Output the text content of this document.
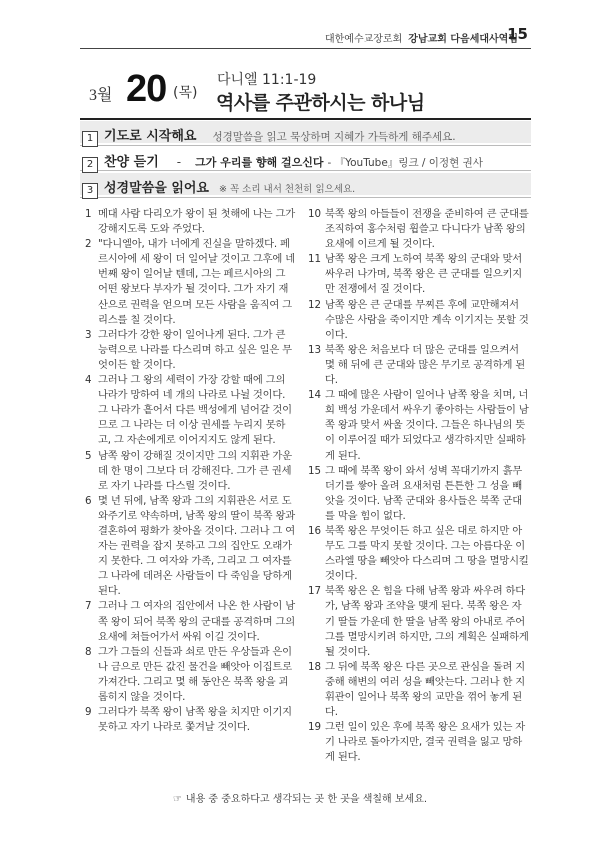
대한예수교장로회 강남교회 다음세대사역팀
15
3월 20 (목)
다니엘 11:1-19
역사를 주관하시는 하나님
1 기도로 시작해요 성경말씀을 읽고 묵상하며 지혜가 가득하게 해주세요.
2 찬양 듣기 - 그가 우리를 향해 걸으신다 - 『YouTube』링크 / 이정현 권사
3 성경말씀을 읽어요 ※ 꼭 소리 내서 천천히 읽으세요.
1 메대 사람 다리오가 왕이 된 첫해에 나는 그가 강해지도록 도와 주었다.
2 "다니엘아, 내가 너에게 진실을 말하겠다. 페르시아에 세 왕이 더 일어날 것이고 그후에 네 번째 왕이 일어날 텐데, 그는 페르시아의 그 어떤 왕보다 부자가 될 것이다. 그가 자기 재산으로 권력을 얻으며 모든 사람을 움직여 그리스를 칠 것이다.
3 그러다가 강한 왕이 일어나게 된다. 그가 큰 능력으로 나라를 다스리며 하고 싶은 일은 무엇이든 할 것이다.
4 그러나 그 왕의 세력이 가장 강할 때에 그의 나라가 망하여 네 개의 나라로 나뉠 것이다. 그 나라가 흩어서 다른 백성에게 넘어갈 것이므로 그 나라는 더 이상 권세를 누리지 못하고, 그 자손에게로 이어지지도 않게 된다.
5 남쪽 왕이 강해질 것이지만 그의 지휘관 가운데 한 명이 그보다 더 강해진다. 그가 큰 권세로 자기 나라를 다스릴 것이다.
6 몇 년 뒤에, 남쪽 왕과 그의 지휘관은 서로 도와주기로 약속하며, 남쪽 왕의 딸이 북쪽 왕과 결혼하여 평화가 찾아올 것이다. 그러나 그 여자는 권력을 잡지 못하고 그의 집안도 오래가지 못한다. 그 여자와 가족, 그리고 그 여자를 그 나라에 데려온 사람들이 다 죽임을 당하게 된다.
7 그러나 그 여자의 집안에서 나온 한 사람이 남쪽 왕이 되어 북쪽 왕의 군대를 공격하며 그의 요새에 쳐들어가서 싸워 이길 것이다.
8 그가 그들의 신들과 쇠로 만든 우상들과 은이나 금으로 만든 값진 물건을 빼앗아 이집트로 가져간다. 그리고 몇 해 동안은 북쪽 왕을 괴롭히지 않을 것이다.
9 그러다가 북쪽 왕이 남쪽 왕을 치지만 이기지 못하고 자기 나라로 쫓겨날 것이다.
10 북쪽 왕의 아들들이 전쟁을 준비하여 큰 군대를 조직하여 홍수처럼 휩쓸고 다니다가 남쪽 왕의 요새에 이르게 될 것이다.
11 남쪽 왕은 크게 노하여 북쪽 왕의 군대와 맞서 싸우러 나가며, 북쪽 왕은 큰 군대를 일으키지만 전쟁에서 질 것이다.
12 남쪽 왕은 큰 군대를 무찌른 후에 교만해져서 수많은 사람을 죽이지만 계속 이기지는 못할 것이다.
13 북쪽 왕은 처음보다 더 많은 군대를 일으켜서 몇 해 뒤에 큰 군대와 많은 무기로 공격하게 된다.
14 그 때에 많은 사람이 일어나 남쪽 왕을 치며, 너희 백성 가운데서 싸우기 좋아하는 사람들이 남쪽 왕과 맞서 싸울 것이다. 그들은 하나님의 뜻이 이루어질 때가 되었다고 생각하지만 실패하게 된다.
15 그 때에 북쪽 왕이 와서 성벽 꼭대기까지 흙무더기를 쌓아 올려 요새처럼 튼튼한 그 성을 빼앗을 것이다. 남쪽 군대와 용사들은 북쪽 군대를 막을 힘이 없다.
16 북쪽 왕은 무엇이든 하고 싶은 대로 하지만 아무도 그를 막지 못할 것이다. 그는 아름다운 이스라엘 땅을 빼앗아 다스리며 그 땅을 멸망시킬 것이다.
17 북쪽 왕은 온 힘을 다해 남쪽 왕과 싸우려 하다가, 남쪽 왕과 조약을 맺게 된다. 북쪽 왕은 자기 딸들 가운데 한 딸을 남쪽 왕의 아내로 주어 그를 멸망시키려 하지만, 그의 계획은 실패하게 될 것이다.
18 그 뒤에 북쪽 왕은 다른 곳으로 관심을 돌려 지중해 해변의 여러 성을 빼앗는다. 그러나 한 지휘관이 일어나 북쪽 왕의 교만을 꺾어 놓게 된다.
19 그런 일이 있은 후에 북쪽 왕은 요새가 있는 자기 나라로 돌아가지만, 결국 권력을 잃고 망하게 된다.
☞ 내용 중 중요하다고 생각되는 곳 한 곳을 색칠해 보세요.
